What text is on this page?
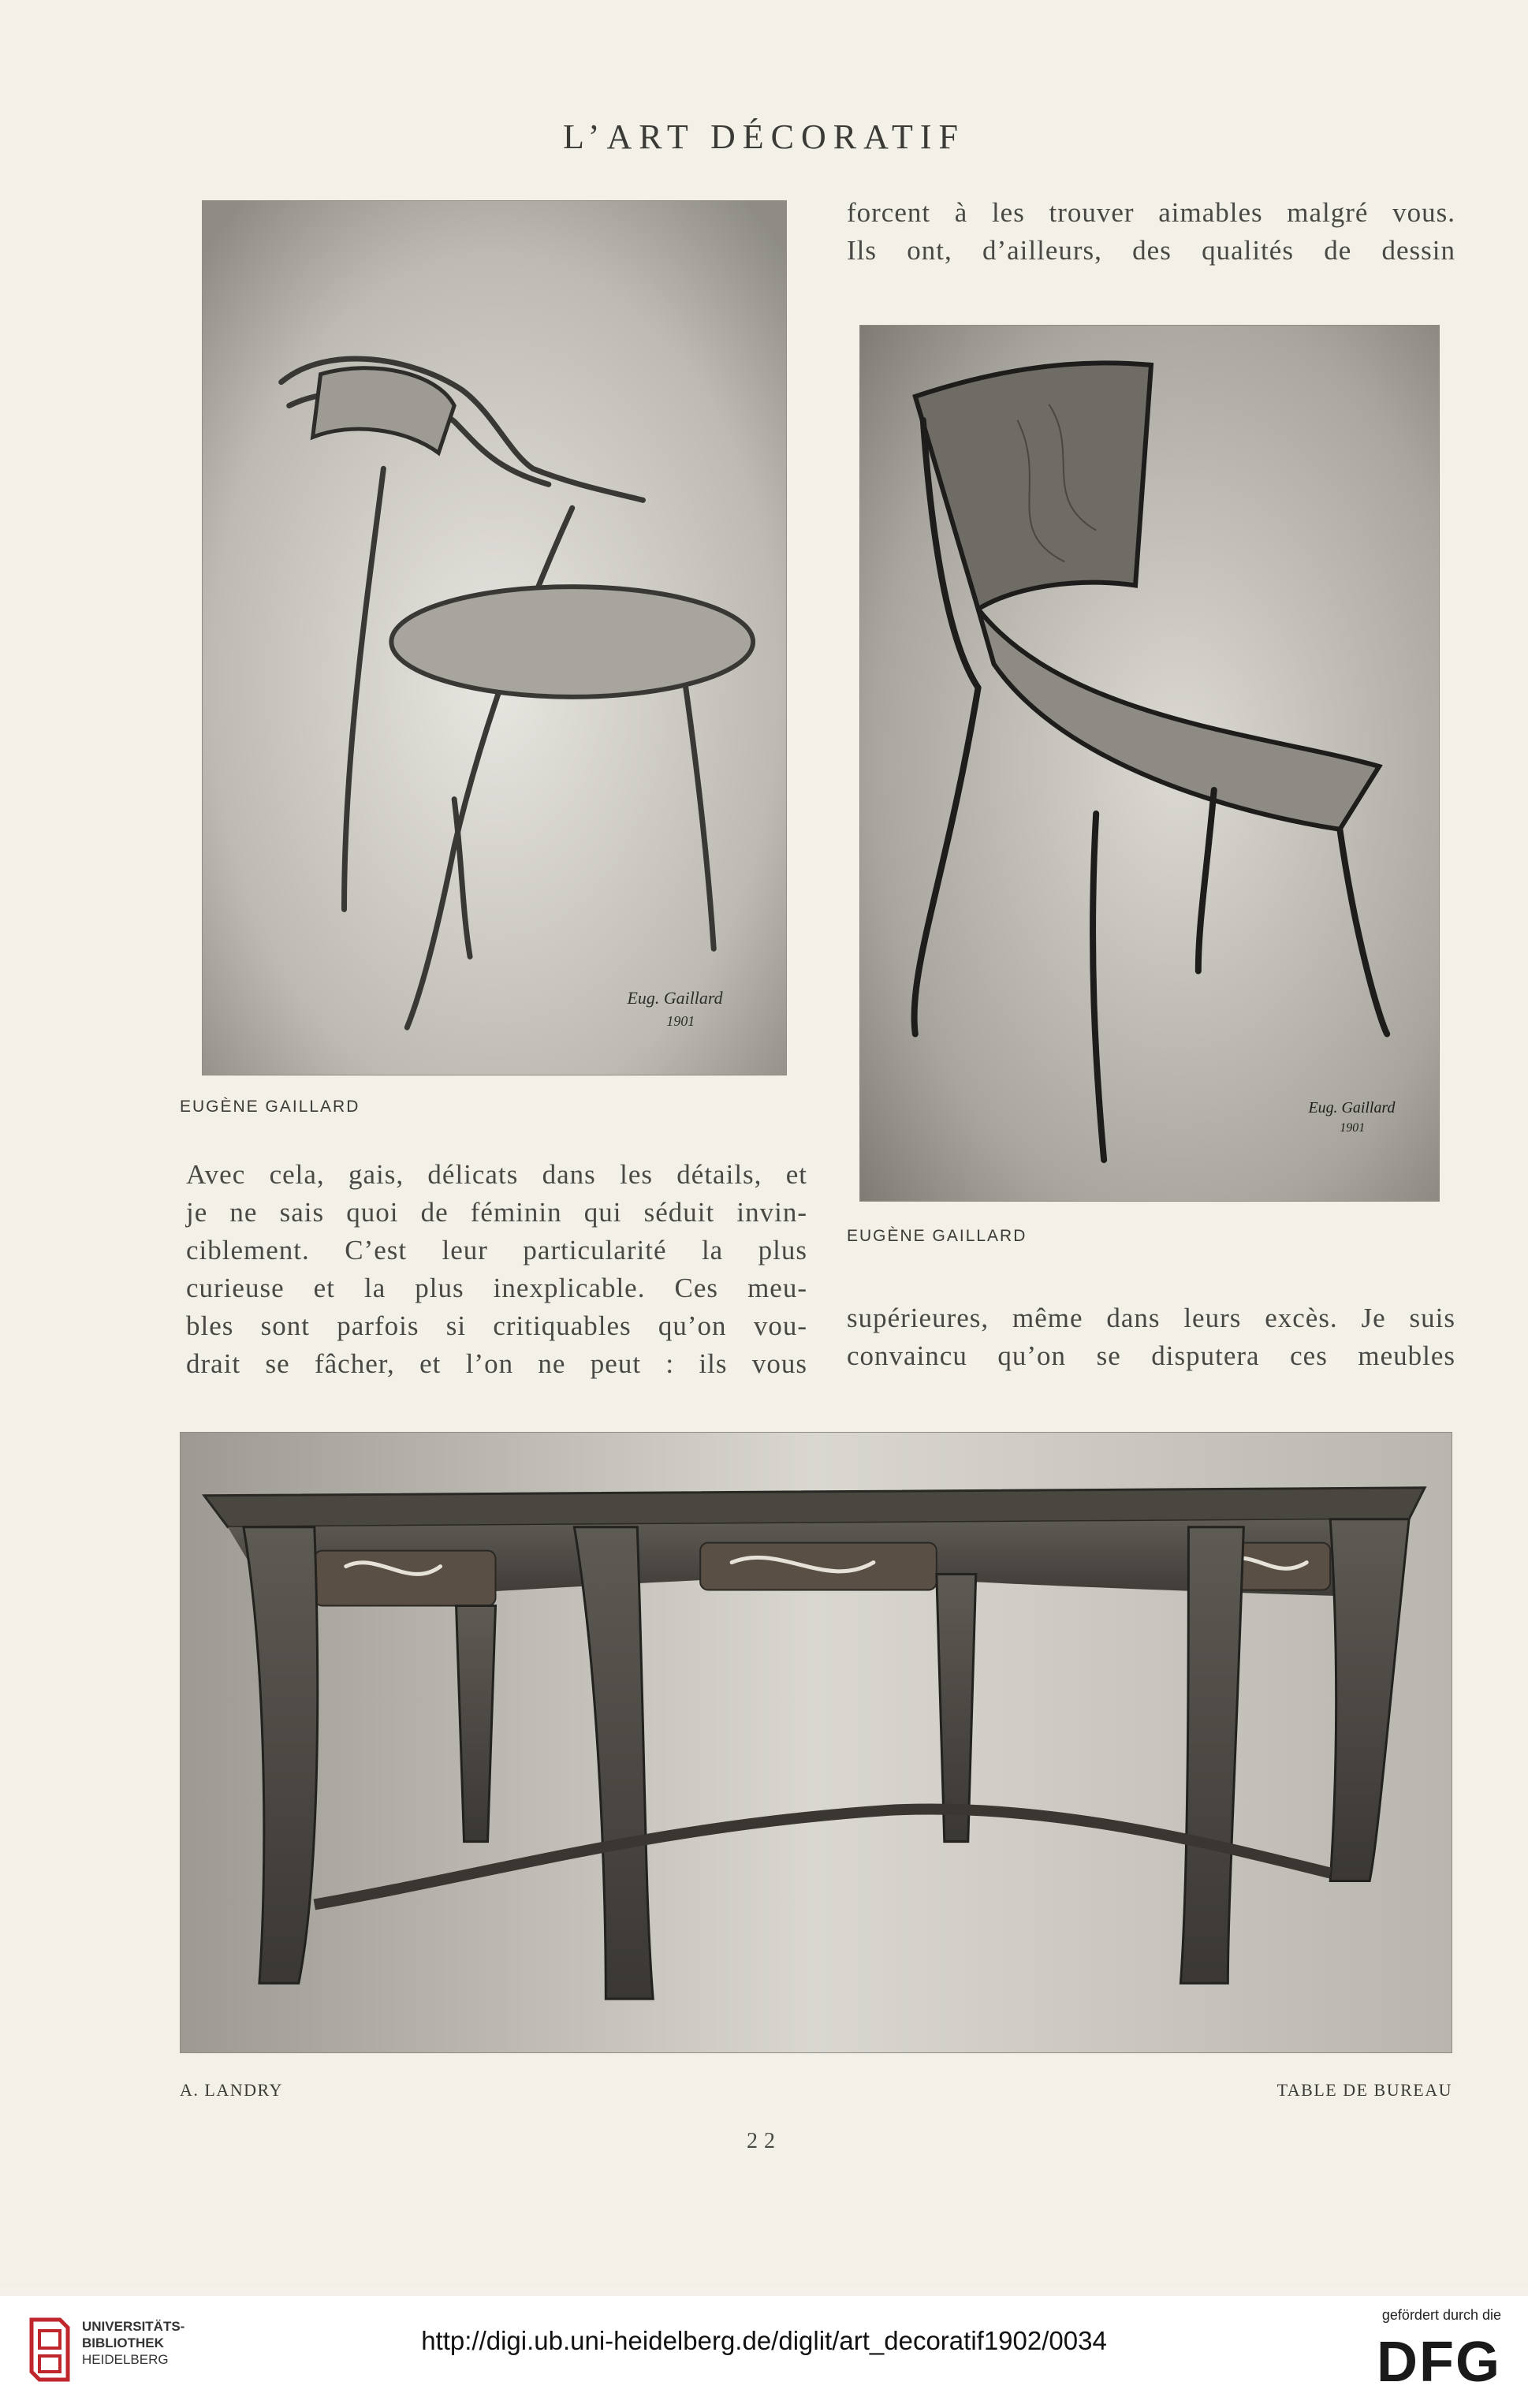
L’ART DÉCORATIF
Eug. Gaillard
1901
EUGÈNE GAILLARD
forcent à les trouver aimables malgré vous.
Ils ont, d’ailleurs, des qualités de dessin
Eug. Gaillard
1901
EUGÈNE GAILLARD
Avec cela, gais, délicats dans les détails, et
je ne sais quoi de féminin qui séduit invin-
ciblement. C’est leur particularité la plus
curieuse et la plus inexplicable. Ces meu-
bles sont parfois si critiquables qu’on vou-
drait se fâcher, et l’on ne peut : ils vous
supérieures, même dans leurs excès. Je suis
convaincu qu’on se disputera ces meubles
A. LANDRY	TABLE DE BUREAU
22
UNIVERSITÄTS-
BIBLIOTHEK
HEIDELBERG
http://digi.ub.uni-heidelberg.de/diglit/art_decoratif1902/0034
gefördert durch die
DFG
